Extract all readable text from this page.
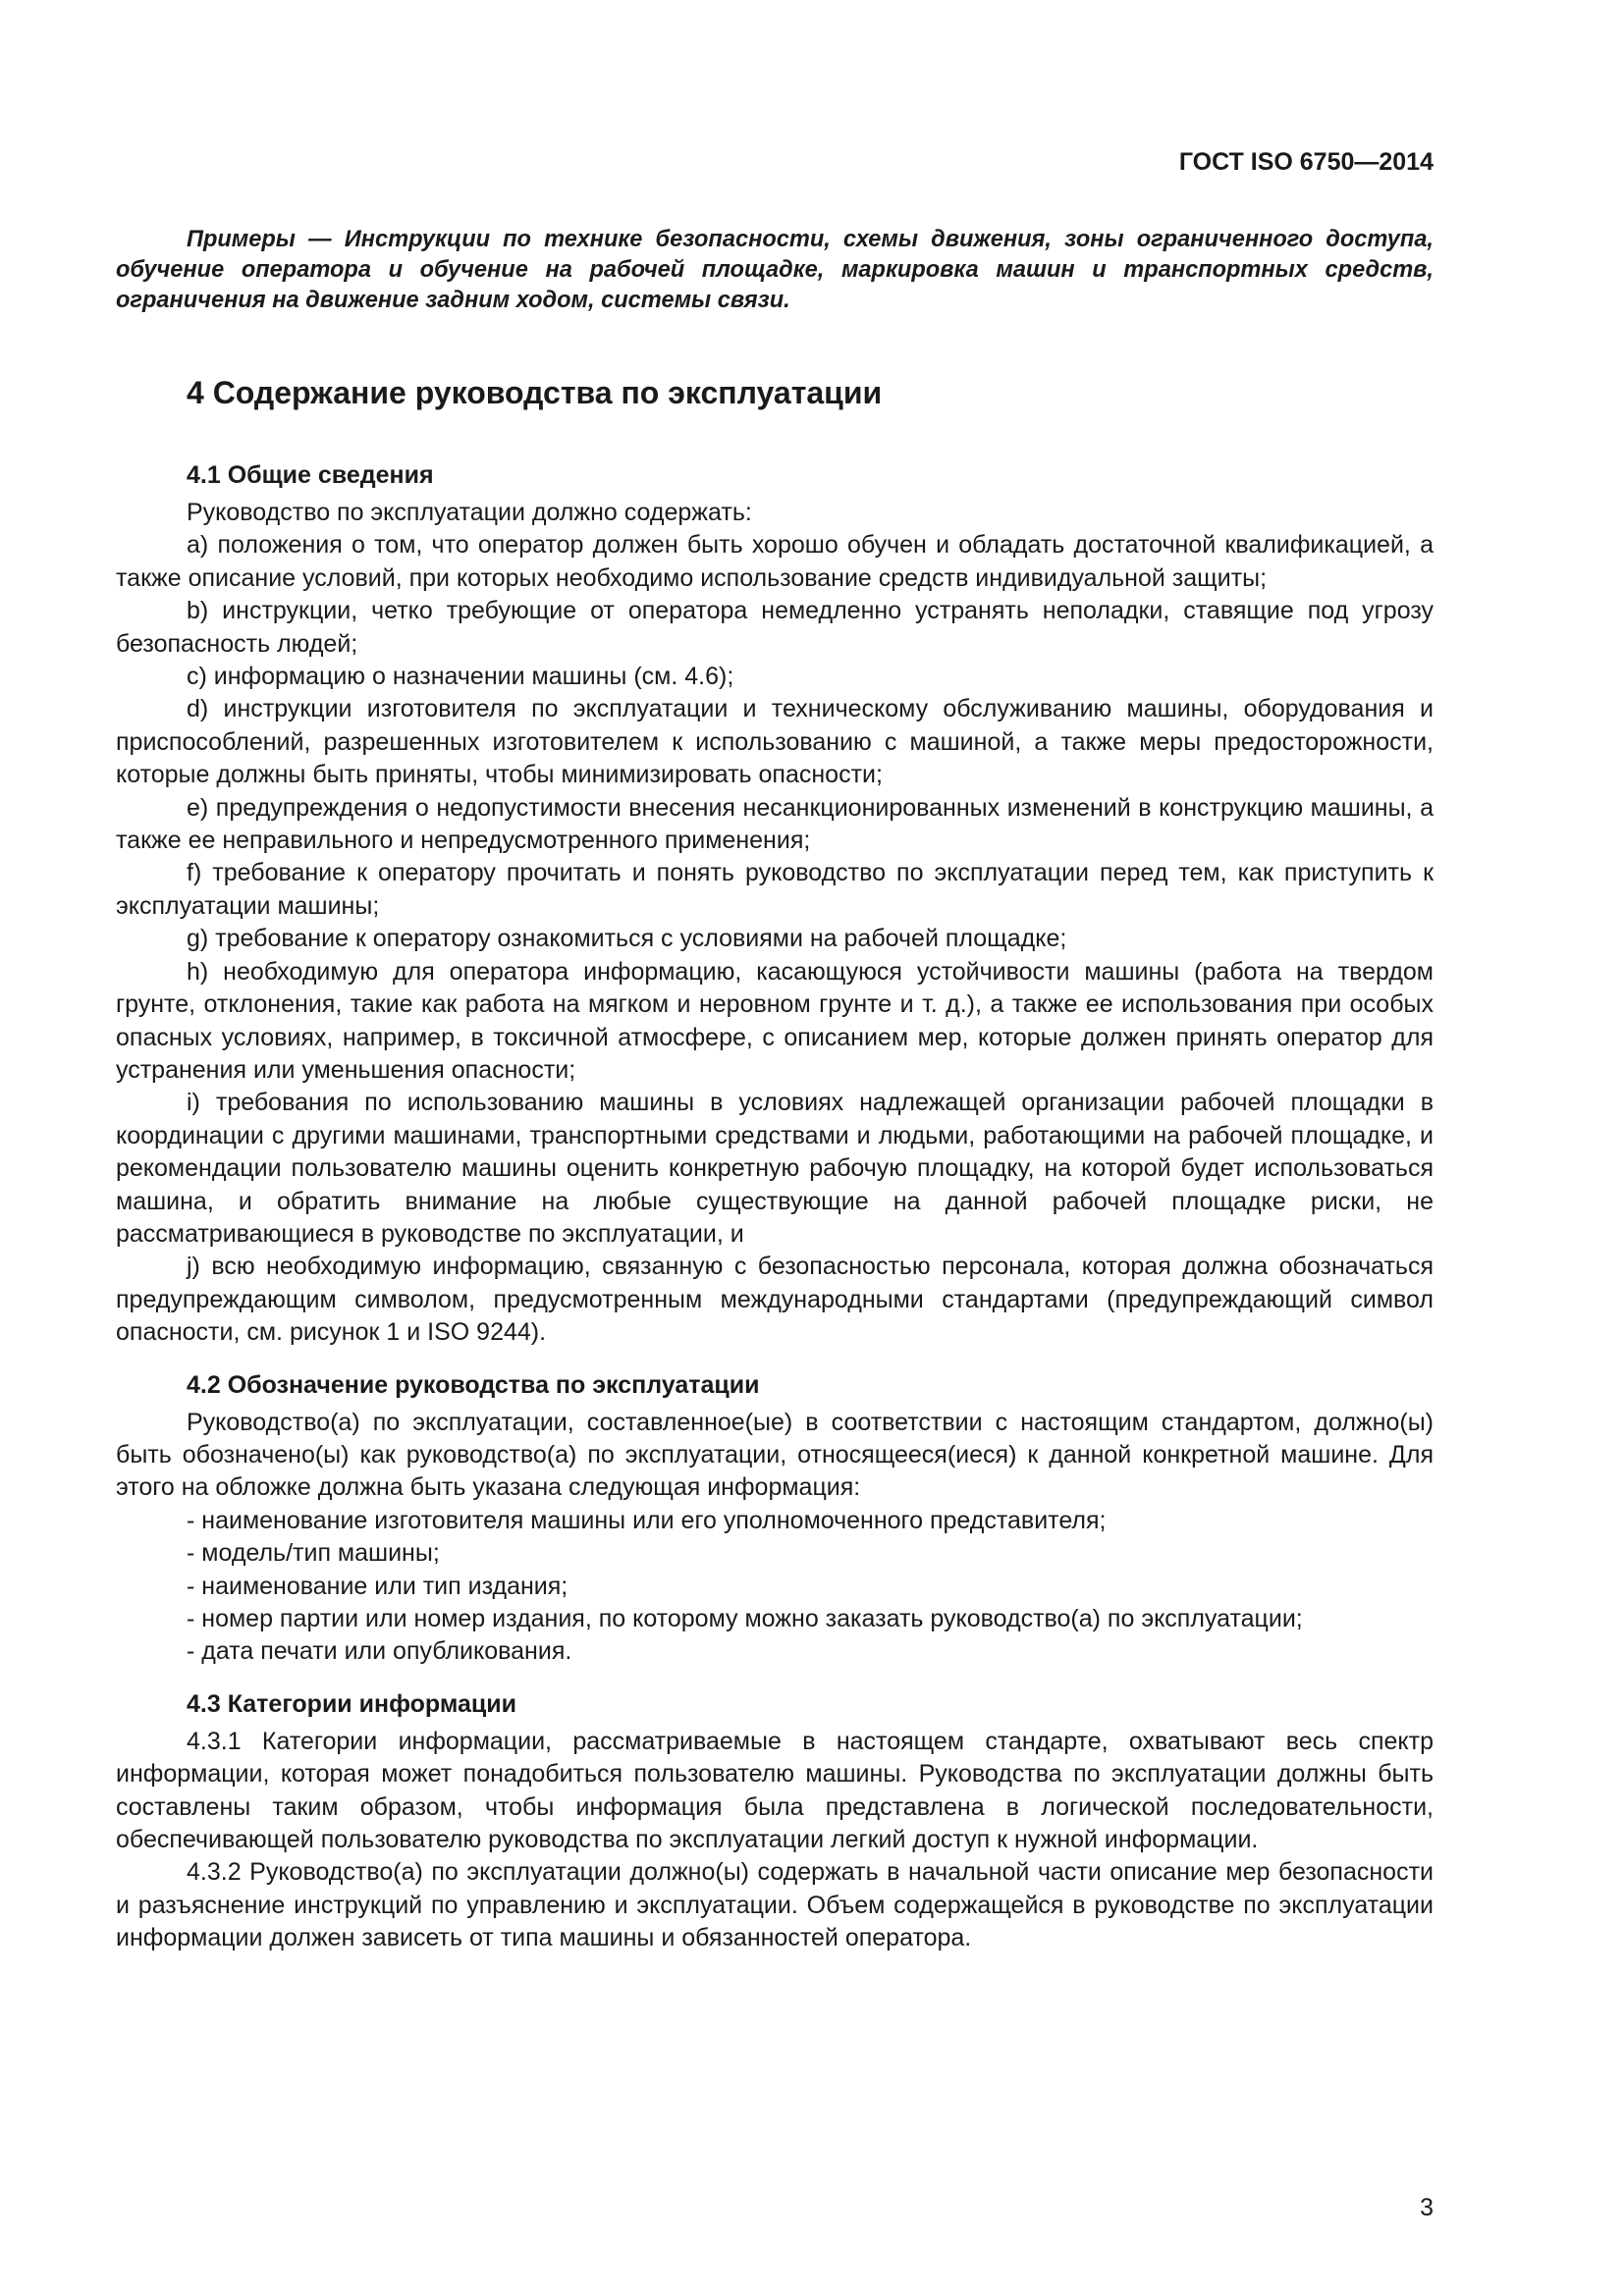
ГОСТ ISO 6750—2014
Примеры — Инструкции по технике безопасности, схемы движения, зоны ограниченного доступа, обучение оператора и обучение на рабочей площадке, маркировка машин и транспортных средств, ограничения на движение задним ходом, системы связи.
4 Содержание руководства по эксплуатации
4.1 Общие сведения

Руководство по эксплуатации должно содержать:

а) положения о том, что оператор должен быть хорошо обучен и обладать достаточной квалификацией, а также описание условий, при которых необходимо использование средств индивидуальной защиты;

b) инструкции, четко требующие от оператора немедленно устранять неполадки, ставящие под угрозу безопасность людей;

с) информацию о назначении машины (см. 4.6);

d) инструкции изготовителя по эксплуатации и техническому обслуживанию машины, оборудования и приспособлений, разрешенных изготовителем к использованию с машиной, а также меры предосторожности, которые должны быть приняты, чтобы минимизировать опасности;

е) предупреждения о недопустимости внесения несанкционированных изменений в конструкцию машины, а также ее неправильного и непредусмотренного применения;

f) требование к оператору прочитать и понять руководство по эксплуатации перед тем, как приступить к эксплуатации машины;

g) требование к оператору ознакомиться с условиями на рабочей площадке;

h) необходимую для оператора информацию, касающуюся устойчивости машины (работа на твердом грунте, отклонения, такие как работа на мягком и неровном грунте и т. д.), а также ее использования при особых опасных условиях, например, в токсичной атмосфере, с описанием мер, которые должен принять оператор для устранения или уменьшения опасности;

i) требования по использованию машины в условиях надлежащей организации рабочей площадки в координации с другими машинами, транспортными средствами и людьми, работающими на рабочей площадке, и рекомендации пользователю машины оценить конкретную рабочую площадку, на которой будет использоваться машина, и обратить внимание на любые существующие на данной рабочей площадке риски, не рассматривающиеся в руководстве по эксплуатации, и

j) всю необходимую информацию, связанную с безопасностью персонала, которая должна обозначаться предупреждающим символом, предусмотренным международными стандартами (предупреждающий символ опасности, см. рисунок 1 и ISO 9244).

4.2 Обозначение руководства по эксплуатации

Руководство(а) по эксплуатации, составленное(ые) в соответствии с настоящим стандартом, должно(ы) быть обозначено(ы) как руководство(а) по эксплуатации, относящееся(иеся) к данной конкретной машине. Для этого на обложке должна быть указана следующая информация:

- наименование изготовителя машины или его уполномоченного представителя;

- модель/тип машины;

- наименование или тип издания;

- номер партии или номер издания, по которому можно заказать руководство(а) по эксплуатации;

- дата печати или опубликования.

4.3 Категории информации

4.3.1 Категории информации, рассматриваемые в настоящем стандарте, охватывают весь спектр информации, которая может понадобиться пользователю машины. Руководства по эксплуатации должны быть составлены таким образом, чтобы информация была представлена в логической последовательности, обеспечивающей пользователю руководства по эксплуатации легкий доступ к нужной информации.

4.3.2 Руководство(а) по эксплуатации должно(ы) содержать в начальной части описание мер безопасности и разъяснение инструкций по управлению и эксплуатации. Объем содержащейся в руководстве по эксплуатации информации должен зависеть от типа машины и обязанностей оператора.

3
